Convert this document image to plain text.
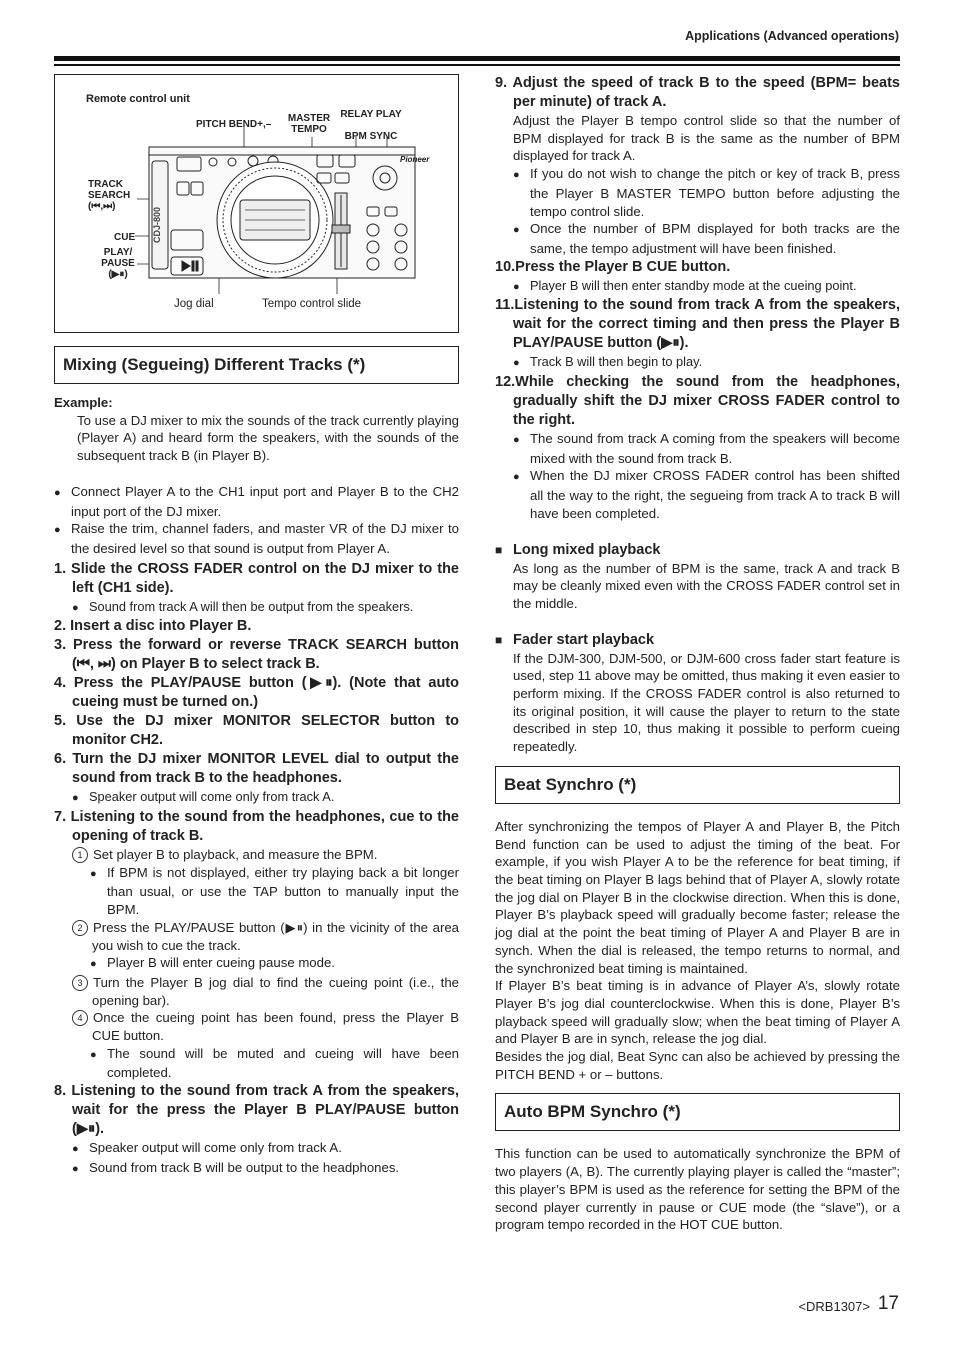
Applications (Advanced operations)
Remote control unit
PITCH BEND+,–
MASTER
TEMPO
RELAY PLAY

BPM SYNC
TRACK
SEARCH
(⏮,⏭)
CUE
PLAY/
PAUSE
(▶⏸)
Jog dial	Tempo control slide
CDJ-800
Pioneer
Mixing (Segueing) Different Tracks (*)

Example:

To use a DJ mixer to mix the sounds of the track currently playing (Player A) and heard form the speakers, with the sounds of the subsequent track B (in Player B).

● Connect Player A to the CH1 input port and Player B to the CH2 input port of the DJ mixer.

● Raise the trim, channel faders, and master VR of the DJ mixer to the desired level so that sound is output from Player A.

1. Slide the CROSS FADER control on the DJ mixer to the left (CH1 side).

● Sound from track A will then be output from the speakers.

2. Insert a disc into Player B.

3. Press the forward or reverse TRACK SEARCH button (⏮, ⏭) on Player B to select track B.

4. Press the PLAY/PAUSE button (▶⏸). (Note that auto cueing must be turned on.)

5. Use the DJ mixer MONITOR SELECTOR button to monitor CH2.

6. Turn the DJ mixer MONITOR LEVEL dial to output the sound from track B to the headphones.

● Speaker output will come only from track A.

7. Listening to the sound from the headphones, cue to the opening of track B.

1 Set player B to playback, and measure the BPM.

● If BPM is not displayed, either try playing back a bit longer than usual, or use the TAP button to manually input the BPM.

2 Press the PLAY/PAUSE button (▶⏸) in the vicinity of the area you wish to cue the track.

● Player B will enter cueing pause mode.

3 Turn the Player B jog dial to find the cueing point (i.e., the opening bar).

4 Once the cueing point has been found, press the Player B CUE button.

● The sound will be muted and cueing will have been completed.

8. Listening to the sound from track A from the speakers, wait for the press the Player B PLAY/PAUSE button (▶⏸).

● Speaker output will come only from track A.

● Sound from track B will be output to the headphones.

9. Adjust the speed of track B to the speed (BPM= beats per minute) of track A.

Adjust the Player B tempo control slide so that the number of BPM displayed for track B is the same as the number of BPM displayed for track A.

● If you do not wish to change the pitch or key of track B, press the Player B MASTER TEMPO button before adjusting the tempo control slide.

● Once the number of BPM displayed for both tracks are the same, the tempo adjustment will have been finished.

10.Press the Player B CUE button.

● Player B will then enter standby mode at the cueing point.

11.Listening to the sound from track A from the speakers, wait for the correct timing and then press the Player B PLAY/PAUSE button (▶⏸).

● Track B will then begin to play.

12.While checking the sound from the headphones, gradually shift the DJ mixer CROSS FADER control to the right.

● The sound from track A coming from the speakers will become mixed with the sound from track B.

● When the DJ mixer CROSS FADER control has been shifted all the way to the right, the segueing from track A to track B will have been completed.

■ Long mixed playback

As long as the number of BPM is the same, track A and track B may be cleanly mixed even with the CROSS FADER control set in the middle.

■ Fader start playback

If the DJM-300, DJM-500, or DJM-600 cross fader start feature is used, step 11 above may be omitted, thus making it even easier to perform mixing. If the CROSS FADER control is also returned to its original position, it will cause the player to return to the state described in step 10, thus making it possible to perform cueing repeatedly.

Beat Synchro (*)

After synchronizing the tempos of Player A and Player B, the Pitch Bend function can be used to adjust the timing of the beat. For example, if you wish Player A to be the reference for beat timing, if the beat timing on Player B lags behind that of Player A, slowly rotate the jog dial on Player B in the clockwise direction. When this is done, Player B’s playback speed will gradually become faster; release the jog dial at the point the beat timing of Player A and Player B are in synch. When the dial is released, the tempo returns to normal, and the synchronized beat timing is maintained.

If Player B’s beat timing is in advance of Player A’s, slowly rotate Player B’s jog dial counterclockwise. When this is done, Player B’s playback speed will gradually slow; when the beat timing of Player A and Player B are in synch, release the jog dial.

Besides the jog dial, Beat Sync can also be achieved by pressing the PITCH BEND + or – buttons.

Auto BPM Synchro (*)

This function can be used to automatically synchronize the BPM of two players (A, B). The currently playing player is called the “master”; this player’s BPM is used as the reference for setting the BPM of the second player currently in pause or CUE mode (the “slave”), or a program tempo recorded in the HOT CUE button.

<DRB1307> 17
